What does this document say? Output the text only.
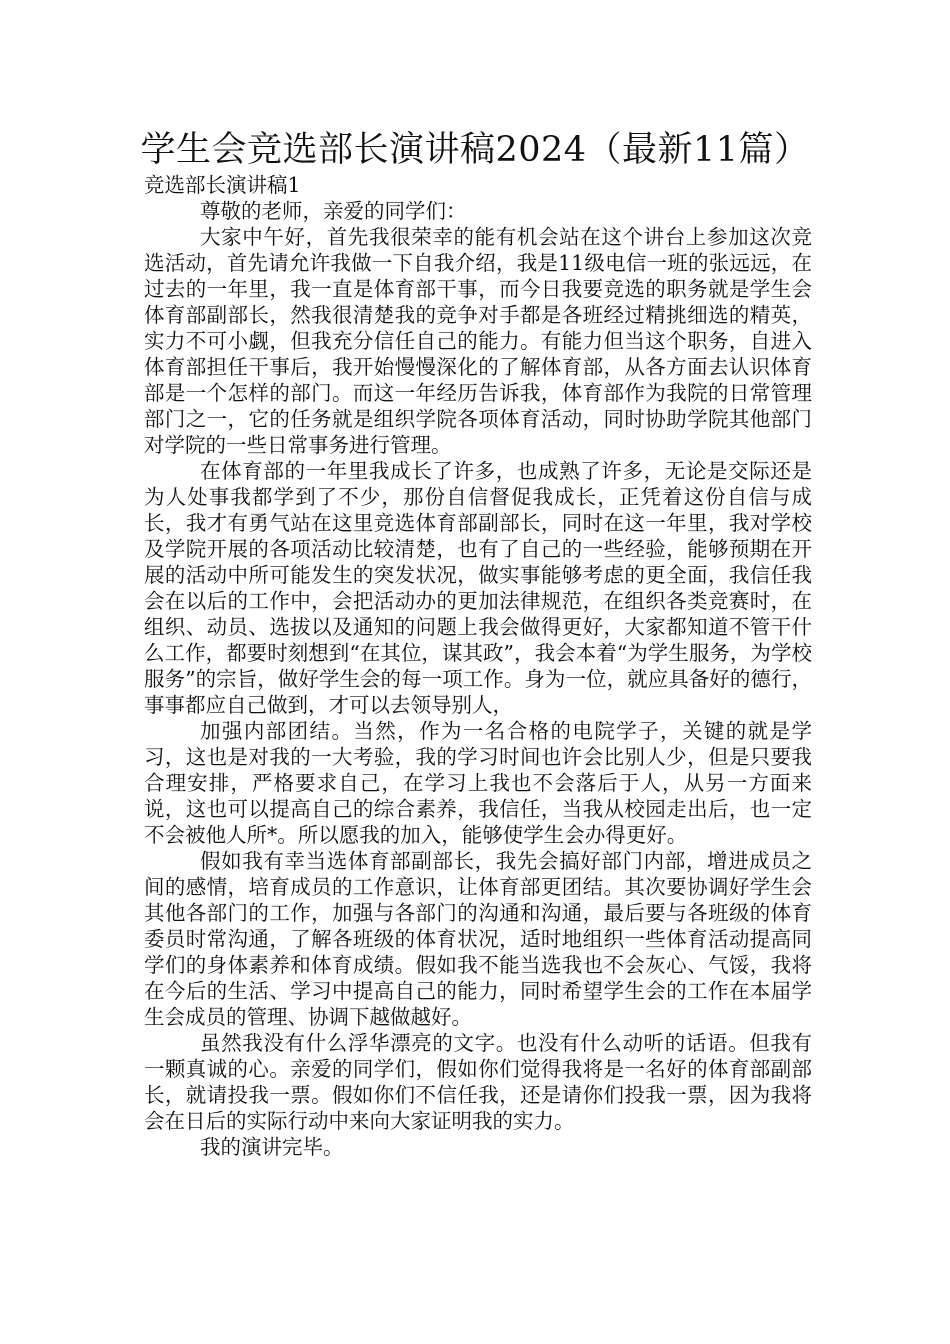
学生会竞选部长演讲稿2024（最新11篇）

竞选部长演讲稿1

尊敬的老师，亲爱的同学们：

大家中午好，首先我很荣幸的能有机会站在这个讲台上参加这次竞选活动，首先请允许我做一下自我介绍，我是11级电信一班的张远远，在过去的一年里，我一直是体育部干事，而今日我要竞选的职务就是学生会体育部副部长，然我很清楚我的竞争对手都是各班经过精挑细选的精英，实力不可小觑，但我充分信任自己的能力。有能力但当这个职务，自进入体育部担任干事后，我开始慢慢深化的了解体育部，从各方面去认识体育部是一个怎样的部门。而这一年经历告诉我，体育部作为我院的日常管理部门之一，它的任务就是组织学院各项体育活动，同时协助学院其他部门对学院的一些日常事务进行管理。

在体育部的一年里我成长了许多，也成熟了许多，无论是交际还是为人处事我都学到了不少，那份自信督促我成长，正凭着这份自信与成长，我才有勇气站在这里竞选体育部副部长，同时在这一年里，我对学校及学院开展的各项活动比较清楚，也有了自己的一些经验，能够预期在开展的活动中所可能发生的突发状况，做实事能够考虑的更全面，我信任我会在以后的工作中，会把活动办的更加法律规范，在组织各类竞赛时，在组织、动员、选拔以及通知的问题上我会做得更好，大家都知道不管干什么工作，都要时刻想到“在其位，谋其政”，我会本着“为学生服务，为学校服务”的宗旨，做好学生会的每一项工作。身为一位，就应具备好的德行，事事都应自己做到，才可以去领导别人，

加强内部团结。当然，作为一名合格的电院学子，关键的就是学习，这也是对我的一大考验，我的学习时间也许会比别人少，但是只要我合理安排，严格要求自己，在学习上我也不会落后于人，从另一方面来说，这也可以提高自己的综合素养，我信任，当我从校园走出后，也一定不会被他人所*。所以愿我的加入，能够使学生会办得更好。

假如我有幸当选体育部副部长，我先会搞好部门内部，增进成员之间的感情，培育成员的工作意识，让体育部更团结。其次要协调好学生会其他各部门的工作，加强与各部门的沟通和沟通，最后要与各班级的体育委员时常沟通，了解各班级的体育状况，适时地组织一些体育活动提高同学们的身体素养和体育成绩。假如我不能当选我也不会灰心、气馁，我将在今后的生活、学习中提高自己的能力，同时希望学生会的工作在本届学生会成员的管理、协调下越做越好。

虽然我没有什么浮华漂亮的文字。也没有什么动听的话语。但我有一颗真诚的心。亲爱的同学们，假如你们觉得我将是一名好的体育部副部长，就请投我一票。假如你们不信任我，还是请你们投我一票，因为我将会在日后的实际行动中来向大家证明我的实力。

我的演讲完毕。
